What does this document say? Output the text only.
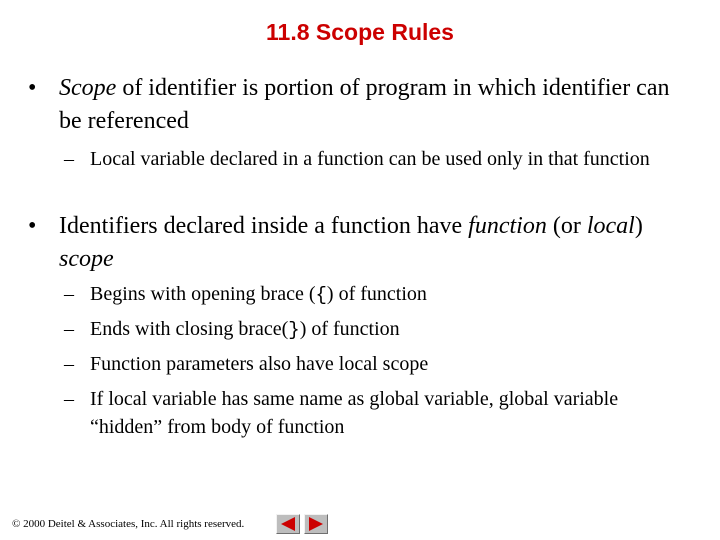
11.8 Scope Rules
• Scope of identifier is portion of program in which identifier can be referenced
– Local variable declared in a function can be used only in that function
• Identifiers declared inside a function have function (or local) scope
– Begins with opening brace ({) of function
– Ends with closing brace(}) of function
– Function parameters also have local scope
– If local variable has same name as global variable, global variable “hidden” from body of function
© 2000 Deitel & Associates, Inc. All rights reserved.
